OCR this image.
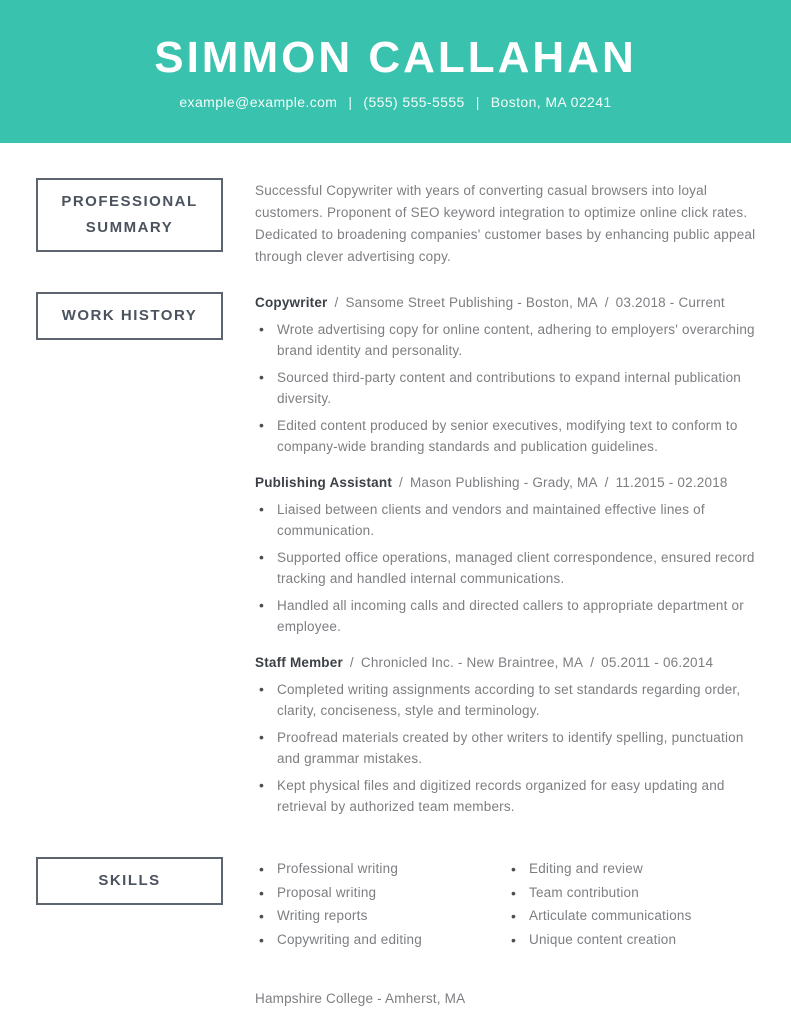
SIMMON CALLAHAN
example@example.com | (555) 555-5555 | Boston, MA 02241
PROFESSIONAL SUMMARY

Successful Copywriter with years of converting casual browsers into loyal customers. Proponent of SEO keyword integration to optimize online click rates. Dedicated to broadening companies' customer bases by enhancing public appeal through clever advertising copy.

WORK HISTORY
Copywriter / Sansome Street Publishing - Boston, MA / 03.2018 - Current
• Wrote advertising copy for online content, adhering to employers' overarching brand identity and personality.
• Sourced third-party content and contributions to expand internal publication diversity.
• Edited content produced by senior executives, modifying text to conform to company-wide branding standards and publication guidelines.
Publishing Assistant / Mason Publishing - Grady, MA / 11.2015 - 02.2018
• Liaised between clients and vendors and maintained effective lines of communication.
• Supported office operations, managed client correspondence, ensured record tracking and handled internal communications.
• Handled all incoming calls and directed callers to appropriate department or employee.
Staff Member / Chronicled Inc. - New Braintree, MA / 05.2011 - 06.2014
• Completed writing assignments according to set standards regarding order, clarity, conciseness, style and terminology.
• Proofread materials created by other writers to identify spelling, punctuation and grammar mistakes.
• Kept physical files and digitized records organized for easy updating and retrieval by authorized team members.
SKILLS
• Professional writing
• Proposal writing
• Writing reports
• Copywriting and editing
• Editing and review
• Team contribution
• Articulate communications
• Unique content creation

Hampshire College - Amherst, MA
